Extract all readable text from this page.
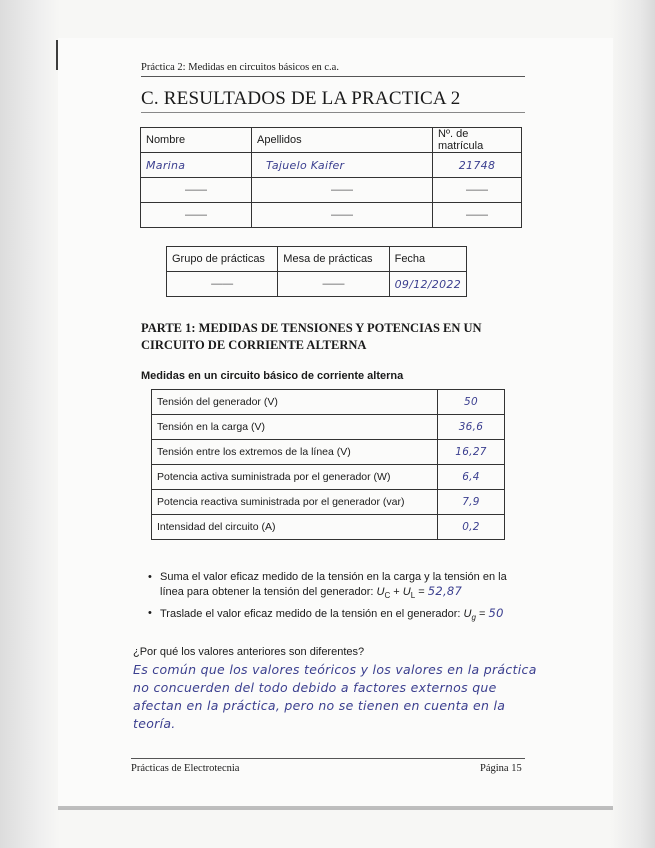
Práctica 2: Medidas en circuitos básicos en c.a.
C. RESULTADOS DE LA PRACTICA 2
Nombre	Apellidos	Nº. de matrícula
Marina	Tajuelo Kaifer	21748
——	——	——
——	——	——
Grupo de prácticas	Mesa de prácticas	Fecha
——	——	09/12/2022
PARTE 1: MEDIDAS DE TENSIONES Y POTENCIAS EN UN CIRCUITO DE CORRIENTE ALTERNA
Medidas en un circuito básico de corriente alterna
Tensión del generador (V)	50
Tensión en la carga (V)	36,6
Tensión entre los extremos de la línea (V)	16,27
Potencia activa suministrada por el generador (W)	6,4
Potencia reactiva suministrada por el generador (var)	7,9
Intensidad del circuito (A)	0,2
• Suma el valor eficaz medido de la tensión en la carga y la tensión en la línea para obtener la tensión del generador: $U_C + U_L = 52,87$
• Traslade el valor eficaz medido de la tensión en el generador: $U_g = 50$
¿Por qué los valores anteriores son diferentes?
Es común que los valores teóricos y los valores en la práctica no concuerden del todo debido a factores externos que afectan en la práctica, pero no se tienen en cuenta en la teoría.
Prácticas de Electrotecnia	Página 15
